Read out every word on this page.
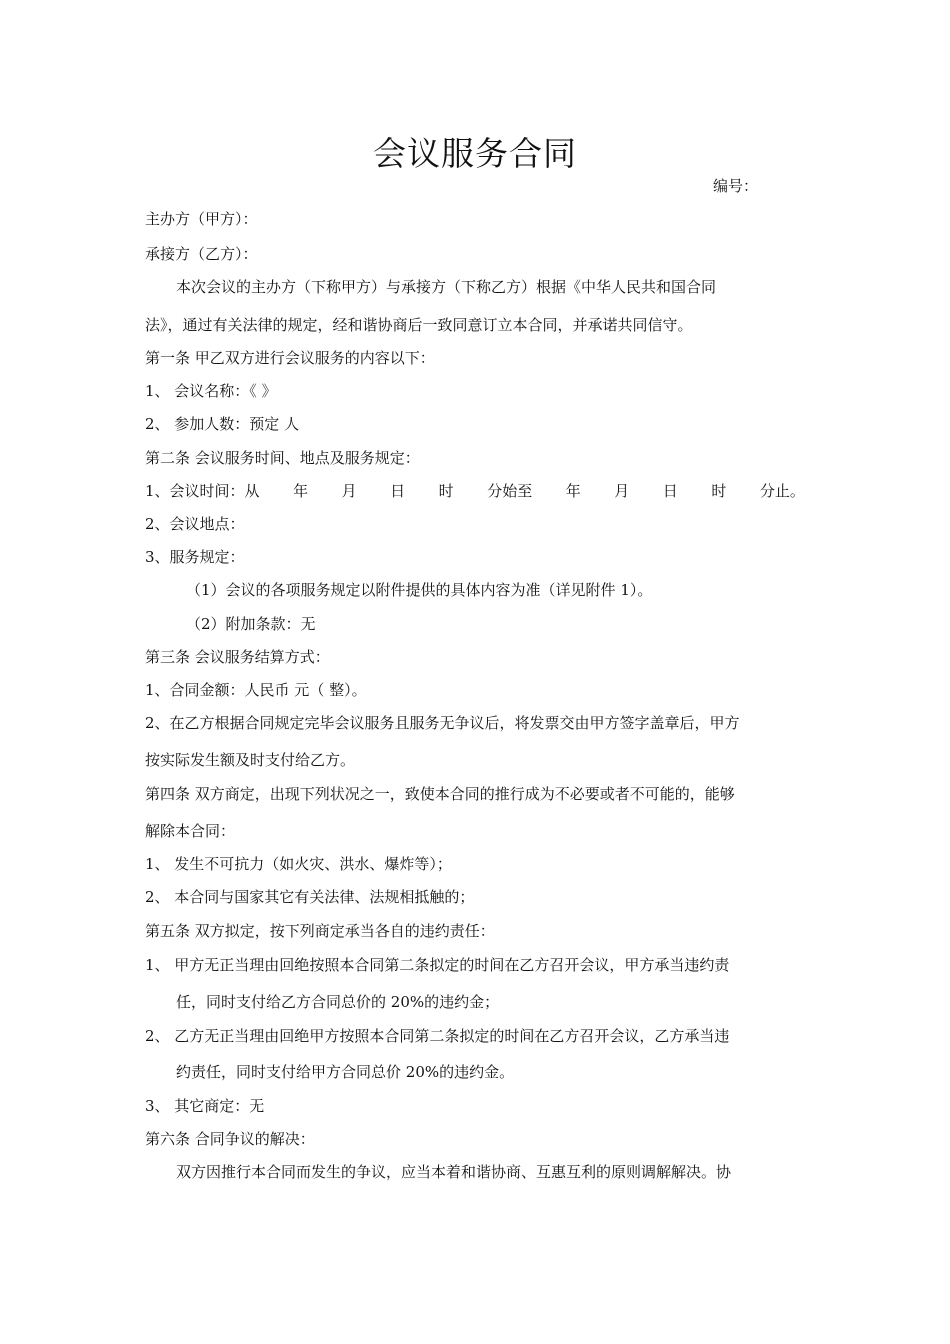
会议服务合同
编号：
主办方（甲方）：
承接方（乙方）：
本次会议的主办方（下称甲方）与承接方（下称乙方）根据《中华人民共和国合同
法》，通过有关法律的规定，经和谐协商后一致同意订立本合同，并承诺共同信守。
第一条 甲乙双方进行会议服务的内容以下：
1、 会议名称：《 》
2、 参加人数：预定 人
第二条 会议服务时间、地点及服务规定：
1、会议时间：从 年 月 日 时 分始至 年 月 日 时 分止。
2、会议地点：
3、服务规定：
（1）会议的各项服务规定以附件提供的具体内容为准（详见附件 1）。
（2）附加条款：无
第三条 会议服务结算方式：
1、合同金额：人民币 元（ 整）。
2、在乙方根据合同规定完毕会议服务且服务无争议后，将发票交由甲方签字盖章后，甲方
按实际发生额及时支付给乙方。
第四条 双方商定，出现下列状况之一，致使本合同的推行成为不必要或者不可能的，能够
解除本合同：
1、 发生不可抗力（如火灾、洪水、爆炸等）；
2、 本合同与国家其它有关法律、法规相抵触的；
第五条 双方拟定，按下列商定承当各自的违约责任：
1、 甲方无正当理由回绝按照本合同第二条拟定的时间在乙方召开会议，甲方承当违约责
任，同时支付给乙方合同总价的 20%的违约金；
2、 乙方无正当理由回绝甲方按照本合同第二条拟定的时间在乙方召开会议，乙方承当违
约责任，同时支付给甲方合同总价 20%的违约金。
3、 其它商定：无
第六条 合同争议的解决：
双方因推行本合同而发生的争议，应当本着和谐协商、互惠互利的原则调解解决。协
